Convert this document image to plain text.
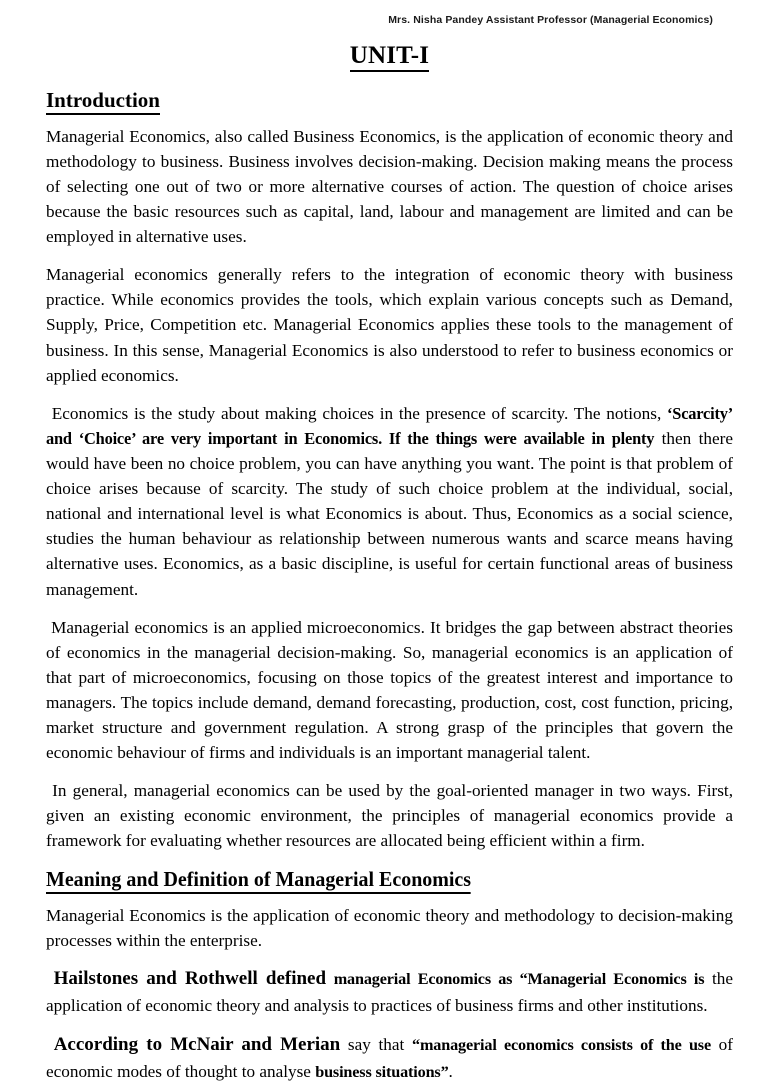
Mrs. Nisha Pandey Assistant Professor (Managerial Economics)
UNIT-I
Introduction

Managerial Economics, also called Business Economics, is the application of economic theory and methodology to business. Business involves decision-making. Decision making means the process of selecting one out of two or more alternative courses of action. The question of choice arises because the basic resources such as capital, land, labour and management are limited and can be employed in alternative uses.

Managerial economics generally refers to the integration of economic theory with business practice. While economics provides the tools, which explain various concepts such as Demand, Supply, Price, Competition etc. Managerial Economics applies these tools to the management of business. In this sense, Managerial Economics is also understood to refer to business economics or applied economics.

Economics is the study about making choices in the presence of scarcity. The notions, ‘Scarcity’ and ‘Choice’ are very important in Economics. If the things were available in plenty then there would have been no choice problem, you can have anything you want. The point is that problem of choice arises because of scarcity. The study of such choice problem at the individual, social, national and international level is what Economics is about. Thus, Economics as a social science, studies the human behaviour as relationship between numerous wants and scarce means having alternative uses. Economics, as a basic discipline, is useful for certain functional areas of business management.

Managerial economics is an applied microeconomics. It bridges the gap between abstract theories of economics in the managerial decision-making. So, managerial economics is an application of that part of microeconomics, focusing on those topics of the greatest interest and importance to managers. The topics include demand, demand forecasting, production, cost, cost function, pricing, market structure and government regulation. A strong grasp of the principles that govern the economic behaviour of firms and individuals is an important managerial talent.

In general, managerial economics can be used by the goal-oriented manager in two ways. First, given an existing economic environment, the principles of managerial economics provide a framework for evaluating whether resources are allocated being efficient within a firm.

Meaning and Definition of Managerial Economics

Managerial Economics is the application of economic theory and methodology to decision-making processes within the enterprise.

Hailstones and Rothwell defined managerial Economics as “Managerial Economics is the application of economic theory and analysis to practices of business firms and other institutions.
According to McNair and Merian say that “managerial economics consists of the use of economic modes of thought to analyse business situations”.
